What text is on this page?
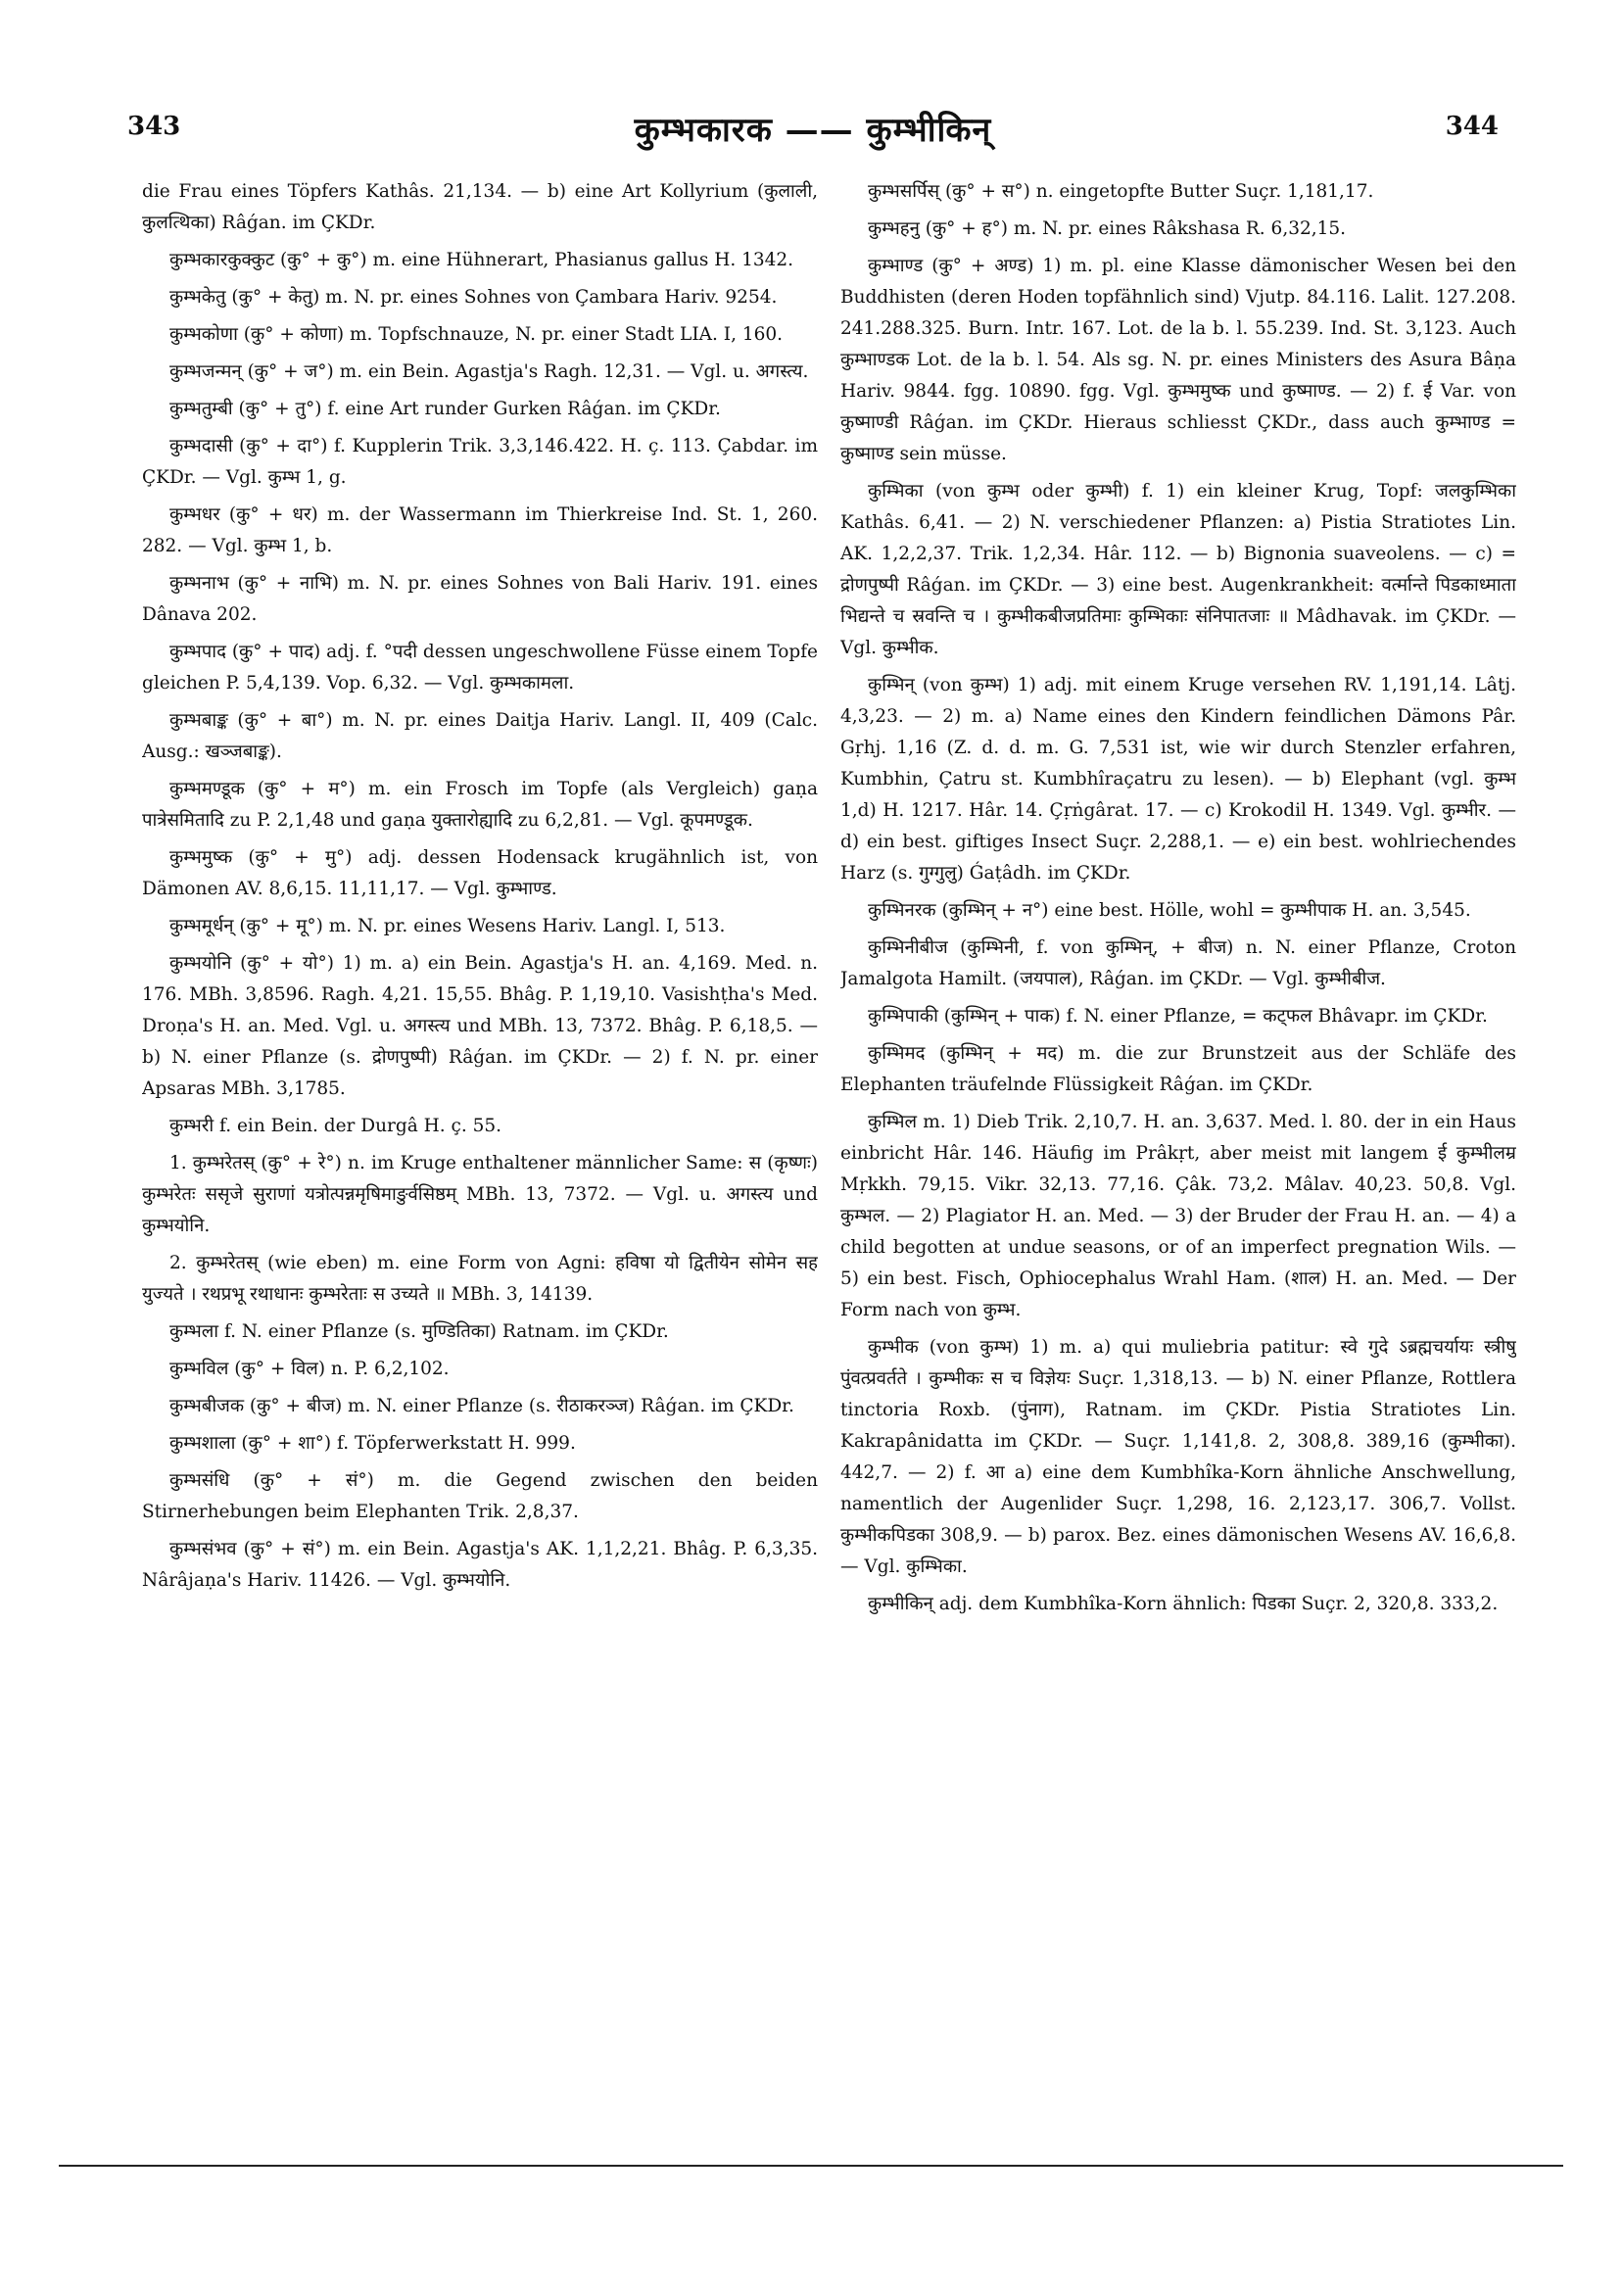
343	कुम्भकारक —— कुम्भीकिन्	344

die Frau eines Töpfers Kathâs. 21,134. — b) eine Art Kollyrium (कुलाली, कुलत्थिका) Râǵan. im ÇKDr.

कुम्भकारकुक्कुट (कु° + कु°) m. eine Hühnerart, Phasianus gallus H. 1342.

कुम्भकेतु (कु° + केतु) m. N. pr. eines Sohnes von Çambara Hariv. 9254.

कुम्भकोणा (कु° + कोणा) m. Topfschnauze, N. pr. einer Stadt LIA. I, 160.

कुम्भजन्मन् (कु° + ज°) m. ein Bein. Agastja's Ragh. 12,31. — Vgl. u. अगस्त्य.

कुम्भतुम्बी (कु° + तु°) f. eine Art runder Gurken Râǵan. im ÇKDr.

कुम्भदासी (कु° + दा°) f. Kupplerin Trik. 3,3,146.422. H. ç. 113. Çabdar. im ÇKDr. — Vgl. कुम्भ 1, g.

कुम्भधर (कु° + धर) m. der Wassermann im Thierkreise Ind. St. 1, 260. 282. — Vgl. कुम्भ 1, b.

कुम्भनाभ (कु° + नाभि) m. N. pr. eines Sohnes von Bali Hariv. 191. eines Dânava 202.

कुम्भपाद (कु° + पाद) adj. f. °पदी dessen ungeschwollene Füsse einem Topfe gleichen P. 5,4,139. Vop. 6,32. — Vgl. कुम्भकामला.

कुम्भबाङ्क (कु° + बा°) m. N. pr. eines Daitja Hariv. Langl. II, 409 (Calc. Ausg.: खञ्जबाङ्क).

कुम्भमण्डूक (कु° + म°) m. ein Frosch im Topfe (als Vergleich) gaṇa पात्रेसमितादि zu P. 2,1,48 und gaṇa युक्तारोह्यादि zu 6,2,81. — Vgl. कूपमण्डूक.

कुम्भमुष्क (कु° + मु°) adj. dessen Hodensack krugähnlich ist, von Dämonen AV. 8,6,15. 11,11,17. — Vgl. कुम्भाण्ड.

कुम्भमूर्धन् (कु° + मू°) m. N. pr. eines Wesens Hariv. Langl. I, 513.

कुम्भयोनि (कु° + यो°) 1) m. a) ein Bein. Agastja's H. an. 4,169. Med. n. 176. MBh. 3,8596. Ragh. 4,21. 15,55. Bhâg. P. 1,19,10. Vasishṭha's Med. Droṇa's H. an. Med. Vgl. u. अगस्त्य und MBh. 13, 7372. Bhâg. P. 6,18,5. — b) N. einer Pflanze (s. द्रोणपुष्पी) Râǵan. im ÇKDr. — 2) f. N. pr. einer Apsaras MBh. 3,1785.

कुम्भरी f. ein Bein. der Durgâ H. ç. 55.

1. कुम्भरेतस् (कु° + रे°) n. im Kruge enthaltener männlicher Same: स (कृष्णः) कुम्भरेतः ससृजे सुराणां यत्रोत्पन्नमृषिमाङुर्वसिष्ठम् MBh. 13, 7372. — Vgl. u. अगस्त्य und कुम्भयोनि.

2. कुम्भरेतस् (wie eben) m. eine Form von Agni: हविषा यो द्वितीयेन सोमेन सह युज्यते । रथप्रभू रथाधानः कुम्भरेताः स उच्यते ॥ MBh. 3, 14139.

कुम्भला f. N. einer Pflanze (s. मुण्डितिका) Ratnam. im ÇKDr.

कुम्भविल (कु° + विल) n. P. 6,2,102.

कुम्भबीजक (कु° + बीज) m. N. einer Pflanze (s. रीठाकरञ्ज) Râǵan. im ÇKDr.

कुम्भशाला (कु° + शा°) f. Töpferwerkstatt H. 999.

कुम्भसंधि (कु° + सं°) m. die Gegend zwischen den beiden Stirnerhebungen beim Elephanten Trik. 2,8,37.

कुम्भसंभव (कु° + सं°) m. ein Bein. Agastja's AK. 1,1,2,21. Bhâg. P. 6,3,35. Nârâjaṇa's Hariv. 11426. — Vgl. कुम्भयोनि.

कुम्भसर्पिस् (कु° + स°) n. eingetopfte Butter Suçr. 1,181,17.

कुम्भहनु (कु° + ह°) m. N. pr. eines Râkshasa R. 6,32,15.

कुम्भाण्ड (कु° + अण्ड) 1) m. pl. eine Klasse dämonischer Wesen bei den Buddhisten (deren Hoden topfähnlich sind) Vjutp. 84.116. Lalit. 127.208. 241.288.325. Burn. Intr. 167. Lot. de la b. l. 55.239. Ind. St. 3,123. Auch कुम्भाण्डक Lot. de la b. l. 54. Als sg. N. pr. eines Ministers des Asura Bâṇa Hariv. 9844. fgg. 10890. fgg. Vgl. कुम्भमुष्क und कुष्माण्ड. — 2) f. ई Var. von कुष्माण्डी Râǵan. im ÇKDr. Hieraus schliesst ÇKDr., dass auch कुम्भाण्ड = कुष्माण्ड sein müsse.

कुम्भिका (von कुम्भ oder कुम्भी) f. 1) ein kleiner Krug, Topf: जलकुम्भिका Kathâs. 6,41. — 2) N. verschiedener Pflanzen: a) Pistia Stratiotes Lin. AK. 1,2,2,37. Trik. 1,2,34. Hâr. 112. — b) Bignonia suaveolens. — c) = द्रोणपुष्पी Râǵan. im ÇKDr. — 3) eine best. Augenkrankheit: वर्त्मान्ते पिडकाध्माता भिद्यन्ते च स्रवन्ति च । कुम्भीकबीजप्रतिमाः कुम्भिकाः संनिपातजाः ॥ Mâdhavak. im ÇKDr. — Vgl. कुम्भीक.

कुम्भिन् (von कुम्भ) 1) adj. mit einem Kruge versehen RV. 1,191,14. Lâṭj. 4,3,23. — 2) m. a) Name eines den Kindern feindlichen Dämons Pâr. Gṛhj. 1,16 (Z. d. d. m. G. 7,531 ist, wie wir durch Stenzler erfahren, Kumbhin, Çatru st. Kumbhîraçatru zu lesen). — b) Elephant (vgl. कुम्भ 1,d) H. 1217. Hâr. 14. Çṛṅgârat. 17. — c) Krokodil H. 1349. Vgl. कुम्भीर. — d) ein best. giftiges Insect Suçr. 2,288,1. — e) ein best. wohlriechendes Harz (s. गुग्गुलु) Ǵaṭâdh. im ÇKDr.

कुम्भिनरक (कुम्भिन् + न°) eine best. Hölle, wohl = कुम्भीपाक H. an. 3,545.

कुम्भिनीबीज (कुम्भिनी, f. von कुम्भिन्, + बीज) n. N. einer Pflanze, Croton Jamalgota Hamilt. (जयपाल), Râǵan. im ÇKDr. — Vgl. कुम्भीबीज.

कुम्भिपाकी (कुम्भिन् + पाक) f. N. einer Pflanze, = कट्फल Bhâvapr. im ÇKDr.

कुम्भिमद (कुम्भिन् + मद) m. die zur Brunstzeit aus der Schläfe des Elephanten träufelnde Flüssigkeit Râǵan. im ÇKDr.

कुम्भिल m. 1) Dieb Trik. 2,10,7. H. an. 3,637. Med. l. 80. der in ein Haus einbricht Hâr. 146. Häufig im Prâkṛt, aber meist mit langem ई कुम्भीलम्र Mṛkkh. 79,15. Vikr. 32,13. 77,16. Çâk. 73,2. Mâlav. 40,23. 50,8. Vgl. कुम्भल. — 2) Plagiator H. an. Med. — 3) der Bruder der Frau H. an. — 4) a child begotten at undue seasons, or of an imperfect pregnation Wils. — 5) ein best. Fisch, Ophiocephalus Wrahl Ham. (शाल) H. an. Med. — Der Form nach von कुम्भ.

कुम्भीक (von कुम्भ) 1) m. a) qui muliebria patitur: स्वे गुदे ऽब्रह्मचर्यायः स्त्रीषु पुंवत्प्रवर्तते । कुम्भीकः स च विज्ञेयः Suçr. 1,318,13. — b) N. einer Pflanze, Rottlera tinctoria Roxb. (पुंनाग), Ratnam. im ÇKDr. Pistia Stratiotes Lin. Kakrapânidatta im ÇKDr. — Suçr. 1,141,8. 2, 308,8. 389,16 (कुम्भीका). 442,7. — 2) f. आ a) eine dem Kumbhîka-Korn ähnliche Anschwellung, namentlich der Augenlider Suçr. 1,298, 16. 2,123,17. 306,7. Vollst. कुम्भीकपिडका 308,9. — b) parox. Bez. eines dämonischen Wesens AV. 16,6,8. — Vgl. कुम्भिका.

कुम्भीकिन् adj. dem Kumbhîka-Korn ähnlich: पिडका Suçr. 2, 320,8. 333,2.
